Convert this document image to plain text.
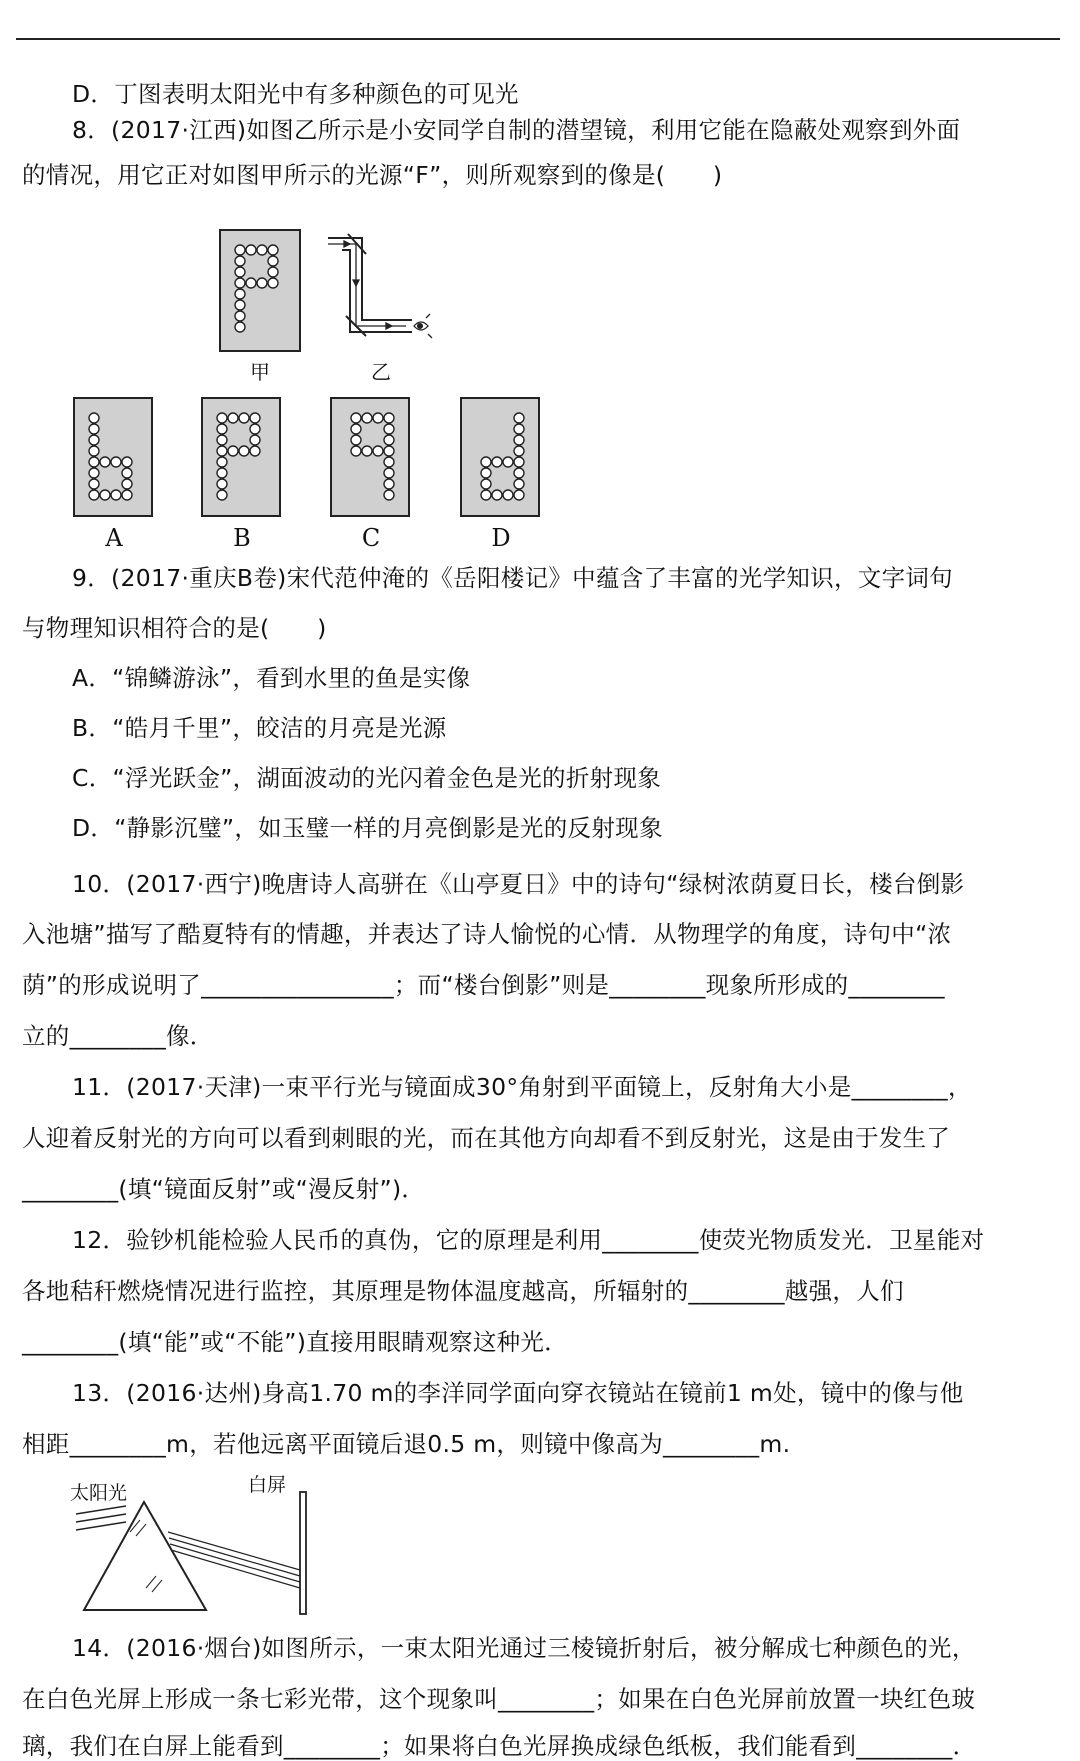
D．丁图表明太阳光中有多种颜色的可见光
8．(2017·江西)如图乙所示是小安同学自制的潜望镜，利用它能在隐蔽处观察到外面
的情况，用它正对如图甲所示的光源“F”，则所观察到的像是(　　)
甲	乙
A	B	C	D
9．(2017·重庆B卷)宋代范仲淹的《岳阳楼记》中蕴含了丰富的光学知识，文字词句
与物理知识相符合的是(　　)
A．“锦鳞游泳”，看到水里的鱼是实像
B．“皓月千里”，皎洁的月亮是光源
C．“浮光跃金”，湖面波动的光闪着金色是光的折射现象
D．“静影沉璧”，如玉璧一样的月亮倒影是光的反射现象
10．(2017·西宁)晚唐诗人高骈在《山亭夏日》中的诗句“绿树浓荫夏日长，楼台倒影
入池塘”描写了酷夏特有的情趣，并表达了诗人愉悦的心情．从物理学的角度，诗句中“浓
荫”的形成说明了________________；而“楼台倒影”则是________现象所形成的________
立的________像．
11．(2017·天津)一束平行光与镜面成30°角射到平面镜上，反射角大小是________，
人迎着反射光的方向可以看到刺眼的光，而在其他方向却看不到反射光，这是由于发生了
________(填“镜面反射”或“漫反射”)．
12．验钞机能检验人民币的真伪，它的原理是利用________使荧光物质发光．卫星能对
各地秸秆燃烧情况进行监控，其原理是物体温度越高，所辐射的________越强，人们
________(填“能”或“不能”)直接用眼睛观察这种光．
13．(2016·达州)身高1.70 m的李洋同学面向穿衣镜站在镜前1 m处，镜中的像与他
相距________m，若他远离平面镜后退0.5 m，则镜中像高为________m.
太阳光	白屏
14．(2016·烟台)如图所示，一束太阳光通过三棱镜折射后，被分解成七种颜色的光，
在白色光屏上形成一条七彩光带，这个现象叫________；如果在白色光屏前放置一块红色玻
璃，我们在白屏上能看到________；如果将白色光屏换成绿色纸板，我们能看到________．
